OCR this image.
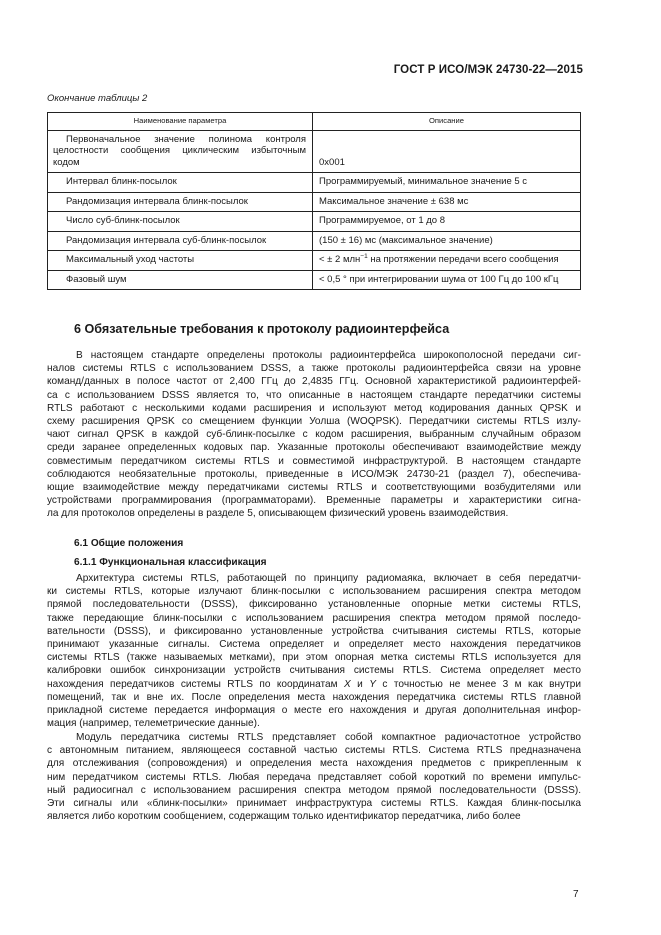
ГОСТ Р ИСО/МЭК 24730-22—2015
Окончание таблицы 2
Наименование параметра	Описание
Первоначальное значение полинома контроля целостности сообщения циклическим избыточным кодом	0x001
Интервал блинк-посылок	Программируемый, минимальное значение 5 с
Рандомизация интервала блинк-посылок	Максимальное значение ± 638 мс
Число суб-блинк-посылок	Программируемое, от 1 до 8
Рандомизация интервала суб-блинк-посылок	(150 ± 16) мс (максимальное значение)
Максимальный уход частоты	< ± 2 млн$^{-1}$ на протяжении передачи всего сообщения
Фазовый шум	< 0,5 ° при интегрировании шума от 100 Гц до 100 кГц
6 Обязательные требования к протоколу радиоинтерфейса
В настоящем стандарте определены протоколы радиоинтерфейса широкополосной передачи сиг-
налов системы RTLS с использованием DSSS, а также протоколы радиоинтерфейса связи на уровне
команд/данных в полосе частот от 2,400 ГГц до 2,4835 ГГц. Основной характеристикой радиоинтерфей-
са с использованием DSSS является то, что описанные в настоящем стандарте передатчики системы
RTLS работают с несколькими кодами расширения и используют метод кодирования данных QPSK и
схему расширения QPSK со смещением функции Уолша (WOQPSK). Передатчики системы RTLS излу-
чают сигнал QPSK в каждой суб-блинк-посылке с кодом расширения, выбранным случайным образом
среди заранее определенных кодовых пар. Указанные протоколы обеспечивают взаимодействие между
совместимым передатчиком системы RTLS и совместимой инфраструктурой. В настоящем стандарте
соблюдаются необязательные протоколы, приведенные в ИСО/МЭК 24730-21 (раздел 7), обеспечива-
ющие взаимодействие между передатчиками системы RTLS и соответствующими возбудителями или
устройствами программирования (программаторами). Временные параметры и характеристики сигна-
ла для протоколов определены в разделе 5, описывающем физический уровень взаимодействия.
6.1 Общие положения
6.1.1 Функциональная классификация
Архитектура системы RTLS, работающей по принципу радиомаяка, включает в себя передатчи-
ки системы RTLS, которые излучают блинк-посылки с использованием расширения спектра методом
прямой последовательности (DSSS), фиксированно установленные опорные метки системы RTLS,
также передающие блинк-посылки с использованием расширения спектра методом прямой последо-
вательности (DSSS), и фиксированно установленные устройства считывания системы RTLS, которые
принимают указанные сигналы. Система определяет и определяет место нахождения передатчиков
системы RTLS (также называемых метками), при этом опорная метка системы RTLS используется для
калибровки ошибок синхронизации устройств считывания системы RTLS. Система определяет место
нахождения передатчиков системы RTLS по координатам X и Y с точностью не менее 3 м как внутри
помещений, так и вне их. После определения места нахождения передатчика системы RTLS главной
прикладной системе передается информация о месте его нахождения и другая дополнительная инфор-
мация (например, телеметрические данные).
Модуль передатчика системы RTLS представляет собой компактное радиочастотное устройство
с автономным питанием, являющееся составной частью системы RTLS. Система RTLS предназначена
для отслеживания (сопровождения) и определения места нахождения предметов с прикрепленным к
ним передатчиком системы RTLS. Любая передача представляет собой короткий по времени импульс-
ный радиосигнал с использованием расширения спектра методом прямой последовательности (DSSS).
Эти сигналы или «блинк-посылки» принимает инфраструктура системы RTLS. Каждая блинк-посылка
является либо коротким сообщением, содержащим только идентификатор передатчика, либо более
7
